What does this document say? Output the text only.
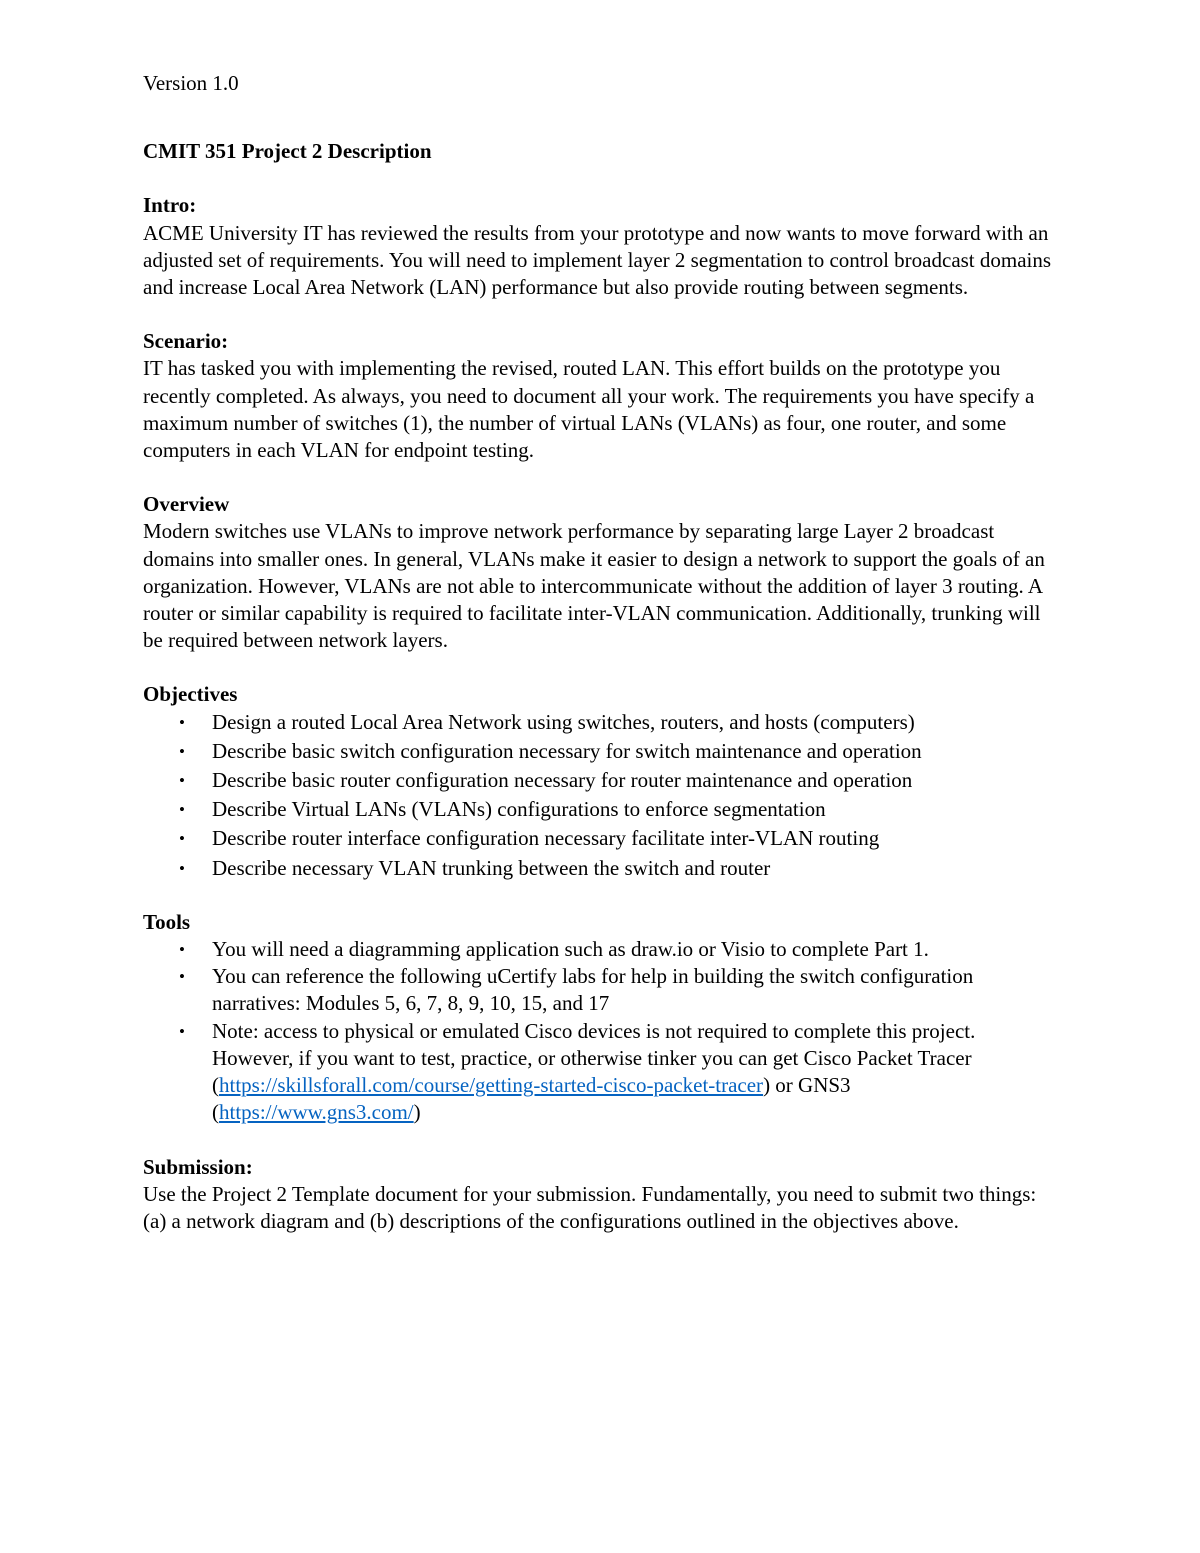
Version 1.0

CMIT 351 Project 2 Description

Intro:

ACME University IT has reviewed the results from your prototype and now wants to move forward with an adjusted set of requirements. You will need to implement layer 2 segmentation to control broadcast domains and increase Local Area Network (LAN) performance but also provide routing between segments.

Scenario:

IT has tasked you with implementing the revised, routed LAN. This effort builds on the prototype you recently completed. As always, you need to document all your work. The requirements you have specify a maximum number of switches (1), the number of virtual LANs (VLANs) as four, one router, and some computers in each VLAN for endpoint testing.

Overview

Modern switches use VLANs to improve network performance by separating large Layer 2 broadcast domains into smaller ones. In general, VLANs make it easier to design a network to support the goals of an organization. However, VLANs are not able to intercommunicate without the addition of layer 3 routing. A router or similar capability is required to facilitate inter-VLAN communication. Additionally, trunking will be required between network layers.

Objectives

• Design a routed Local Area Network using switches, routers, and hosts (computers)
• Describe basic switch configuration necessary for switch maintenance and operation
• Describe basic router configuration necessary for router maintenance and operation
• Describe Virtual LANs (VLANs) configurations to enforce segmentation
• Describe router interface configuration necessary facilitate inter-VLAN routing
• Describe necessary VLAN trunking between the switch and router

Tools

• You will need a diagramming application such as draw.io or Visio to complete Part 1.
• You can reference the following uCertify labs for help in building the switch configuration narratives: Modules 5, 6, 7, 8, 9, 10, 15, and 17
• Note: access to physical or emulated Cisco devices is not required to complete this project. However, if you want to test, practice, or otherwise tinker you can get Cisco Packet Tracer (https://skillsforall.com/course/getting-started-cisco-packet-tracer) or GNS3 (https://www.gns3.com/)

Submission:

Use the Project 2 Template document for your submission. Fundamentally, you need to submit two things: (a) a network diagram and (b) descriptions of the configurations outlined in the objectives above.
